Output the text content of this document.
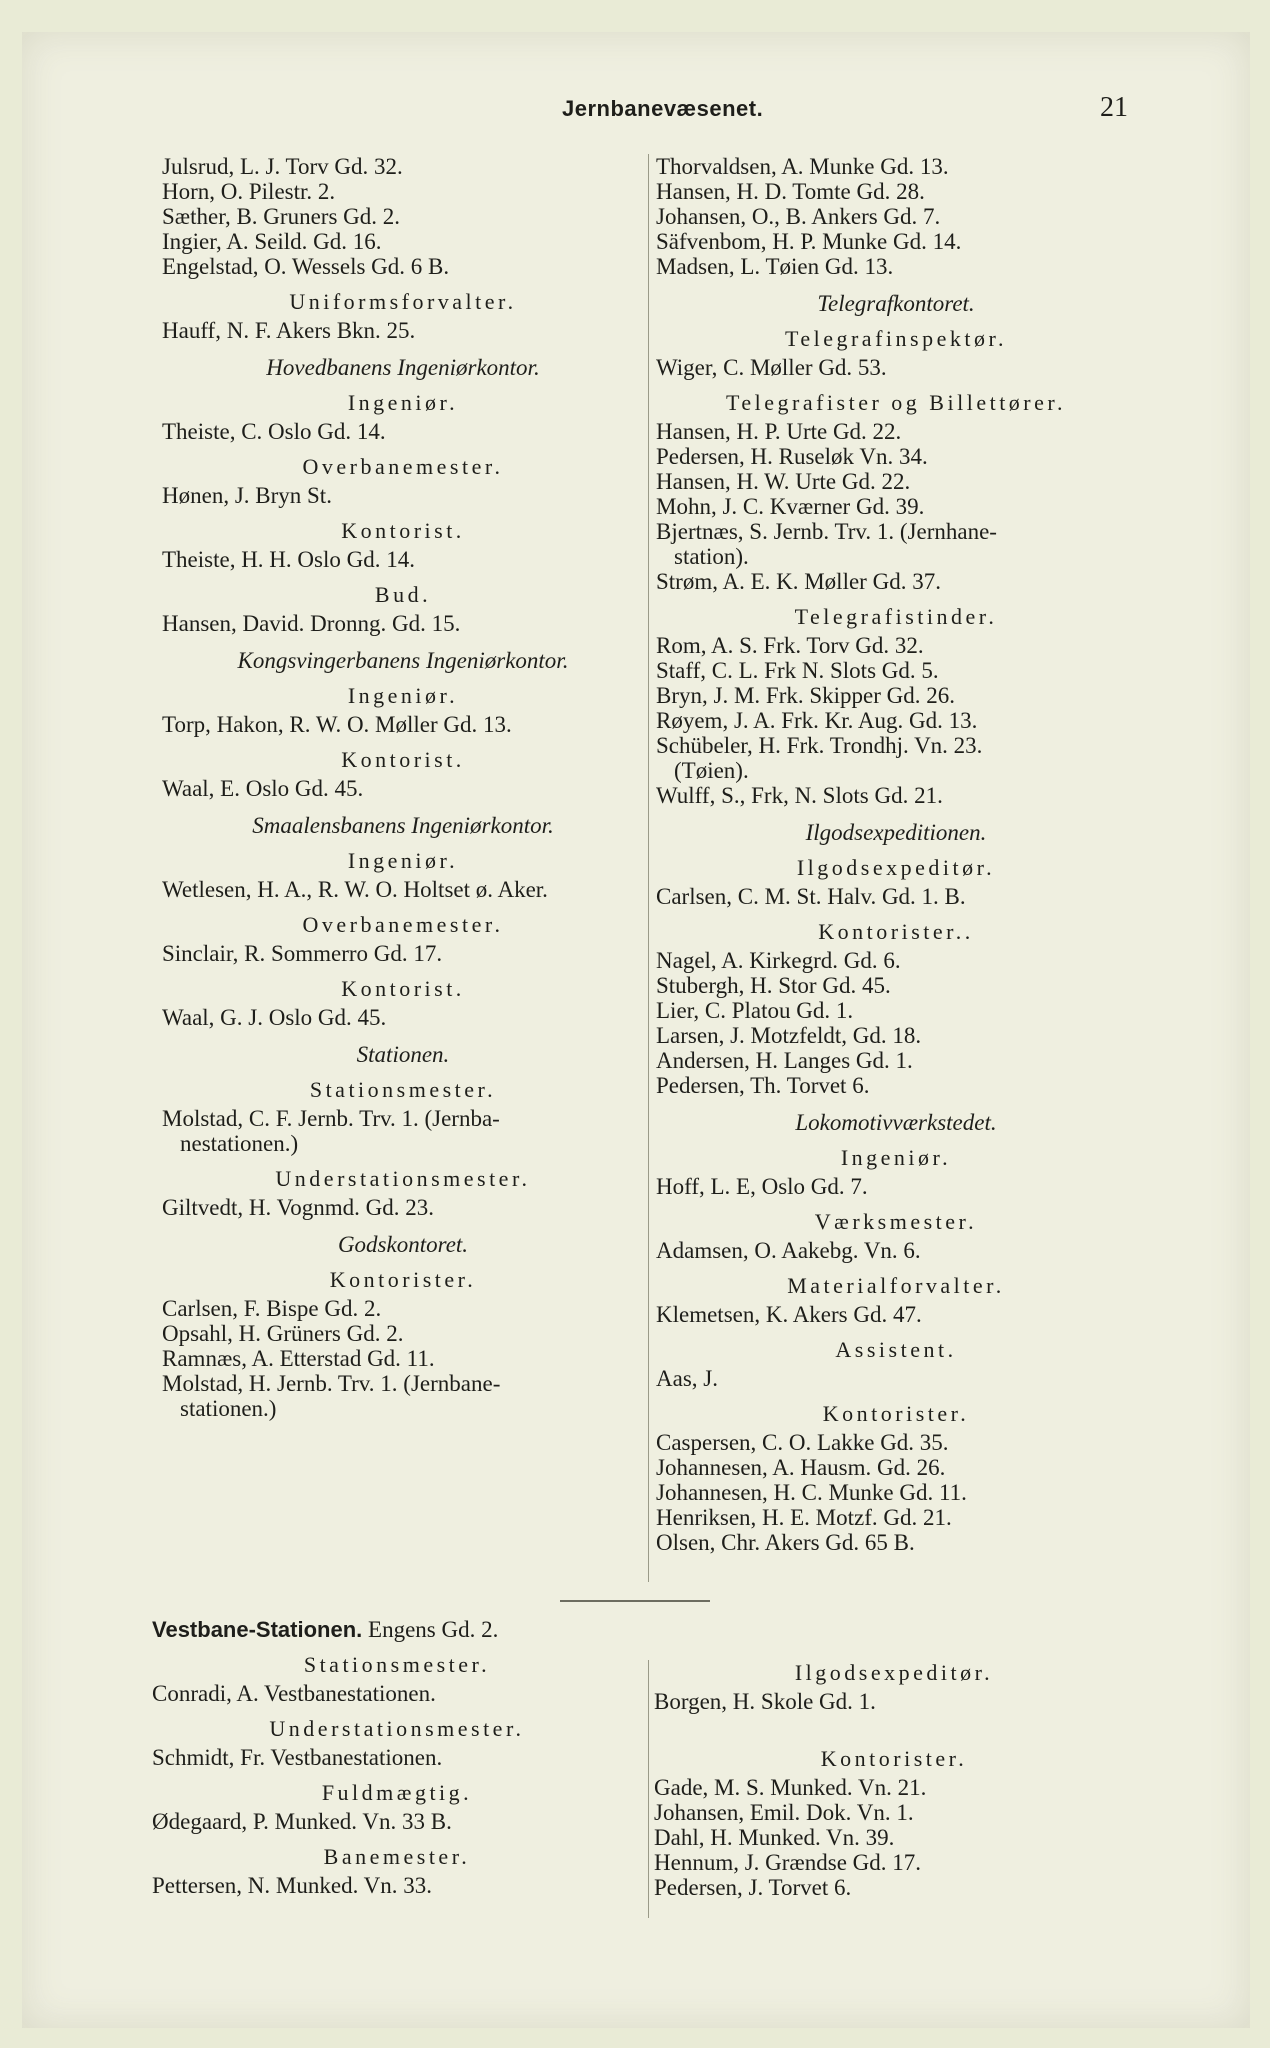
Jernbanevæsenet.	21
Julsrud, L. J. Torv Gd. 32.
Horn, O. Pilestr. 2.
Sæther, B. Gruners Gd. 2.
Ingier, A. Seild. Gd. 16.
Engelstad, O. Wessels Gd. 6 B.
Uniformsforvalter.
Hauff, N. F. Akers Bkn. 25.
Hovedbanens Ingeniørkontor.
Ingeniør.
Theiste, C. Oslo Gd. 14.
Overbanemester.
Hønen, J. Bryn St.
Kontorist.
Theiste, H. H. Oslo Gd. 14.
Bud.
Hansen, David. Dronng. Gd. 15.
Kongsvingerbanens Ingeniørkontor.
Ingeniør.
Torp, Hakon, R. W. O. Møller Gd. 13.
Kontorist.
Waal, E. Oslo Gd. 45.
Smaalensbanens Ingeniørkontor.
Ingeniør.
Wetlesen, H. A., R. W. O. Holtset ø. Aker.
Overbanemester.
Sinclair, R. Sommerro Gd. 17.
Kontorist.
Waal, G. J. Oslo Gd. 45.
Stationen.
Stationsmester.
Molstad, C. F. Jernb. Trv. 1. (Jernba-
nestationen.)
Understationsmester.
Giltvedt, H. Vognmd. Gd. 23.
Godskontoret.
Kontorister.
Carlsen, F. Bispe Gd. 2.
Opsahl, H. Grüners Gd. 2.
Ramnæs, A. Etterstad Gd. 11.
Molstad, H. Jernb. Trv. 1. (Jernbane-
stationen.)
Thorvaldsen, A. Munke Gd. 13.
Hansen, H. D. Tomte Gd. 28.
Johansen, O., B. Ankers Gd. 7.
Säfvenbom, H. P. Munke Gd. 14.
Madsen, L. Tøien Gd. 13.
Telegrafkontoret.
Telegrafinspektør.
Wiger, C. Møller Gd. 53.
Telegrafister og Billettører.
Hansen, H. P. Urte Gd. 22.
Pedersen, H. Ruseløk Vn. 34.
Hansen, H. W. Urte Gd. 22.
Mohn, J. C. Kværner Gd. 39.
Bjertnæs, S. Jernb. Trv. 1. (Jernhane-
station).
Strøm, A. E. K. Møller Gd. 37.
Telegrafistinder.
Rom, A. S. Frk. Torv Gd. 32.
Staff, C. L. Frk N. Slots Gd. 5.
Bryn, J. M. Frk. Skipper Gd. 26.
Røyem, J. A. Frk. Kr. Aug. Gd. 13.
Schübeler, H. Frk. Trondhj. Vn. 23.
(Tøien).
Wulff, S., Frk, N. Slots Gd. 21.
Ilgodsexpeditionen.
Ilgodsexpeditør.
Carlsen, C. M. St. Halv. Gd. 1. B.
Kontorister..
Nagel, A. Kirkegrd. Gd. 6.
Stubergh, H. Stor Gd. 45.
Lier, C. Platou Gd. 1.
Larsen, J. Motzfeldt, Gd. 18.
Andersen, H. Langes Gd. 1.
Pedersen, Th. Torvet 6.
Lokomotivværkstedet.
Ingeniør.
Hoff, L. E, Oslo Gd. 7.
Værksmester.
Adamsen, O. Aakebg. Vn. 6.
Materialforvalter.
Klemetsen, K. Akers Gd. 47.
Assistent.
Aas, J.
Kontorister.
Caspersen, C. O. Lakke Gd. 35.
Johannesen, A. Hausm. Gd. 26.
Johannesen, H. C. Munke Gd. 11.
Henriksen, H. E. Motzf. Gd. 21.
Olsen, Chr. Akers Gd. 65 B.
Vestbane-Stationen. Engens Gd. 2.
Stationsmester.
Conradi, A. Vestbanestationen.
Understationsmester.
Schmidt, Fr. Vestbanestationen.
Fuldmægtig.
Ødegaard, P. Munked. Vn. 33 B.
Banemester.
Pettersen, N. Munked. Vn. 33.
Ilgodsexpeditør.
Borgen, H. Skole Gd. 1.
Kontorister.
Gade, M. S. Munked. Vn. 21.
Johansen, Emil. Dok. Vn. 1.
Dahl, H. Munked. Vn. 39.
Hennum, J. Grændse Gd. 17.
Pedersen, J. Torvet 6.
